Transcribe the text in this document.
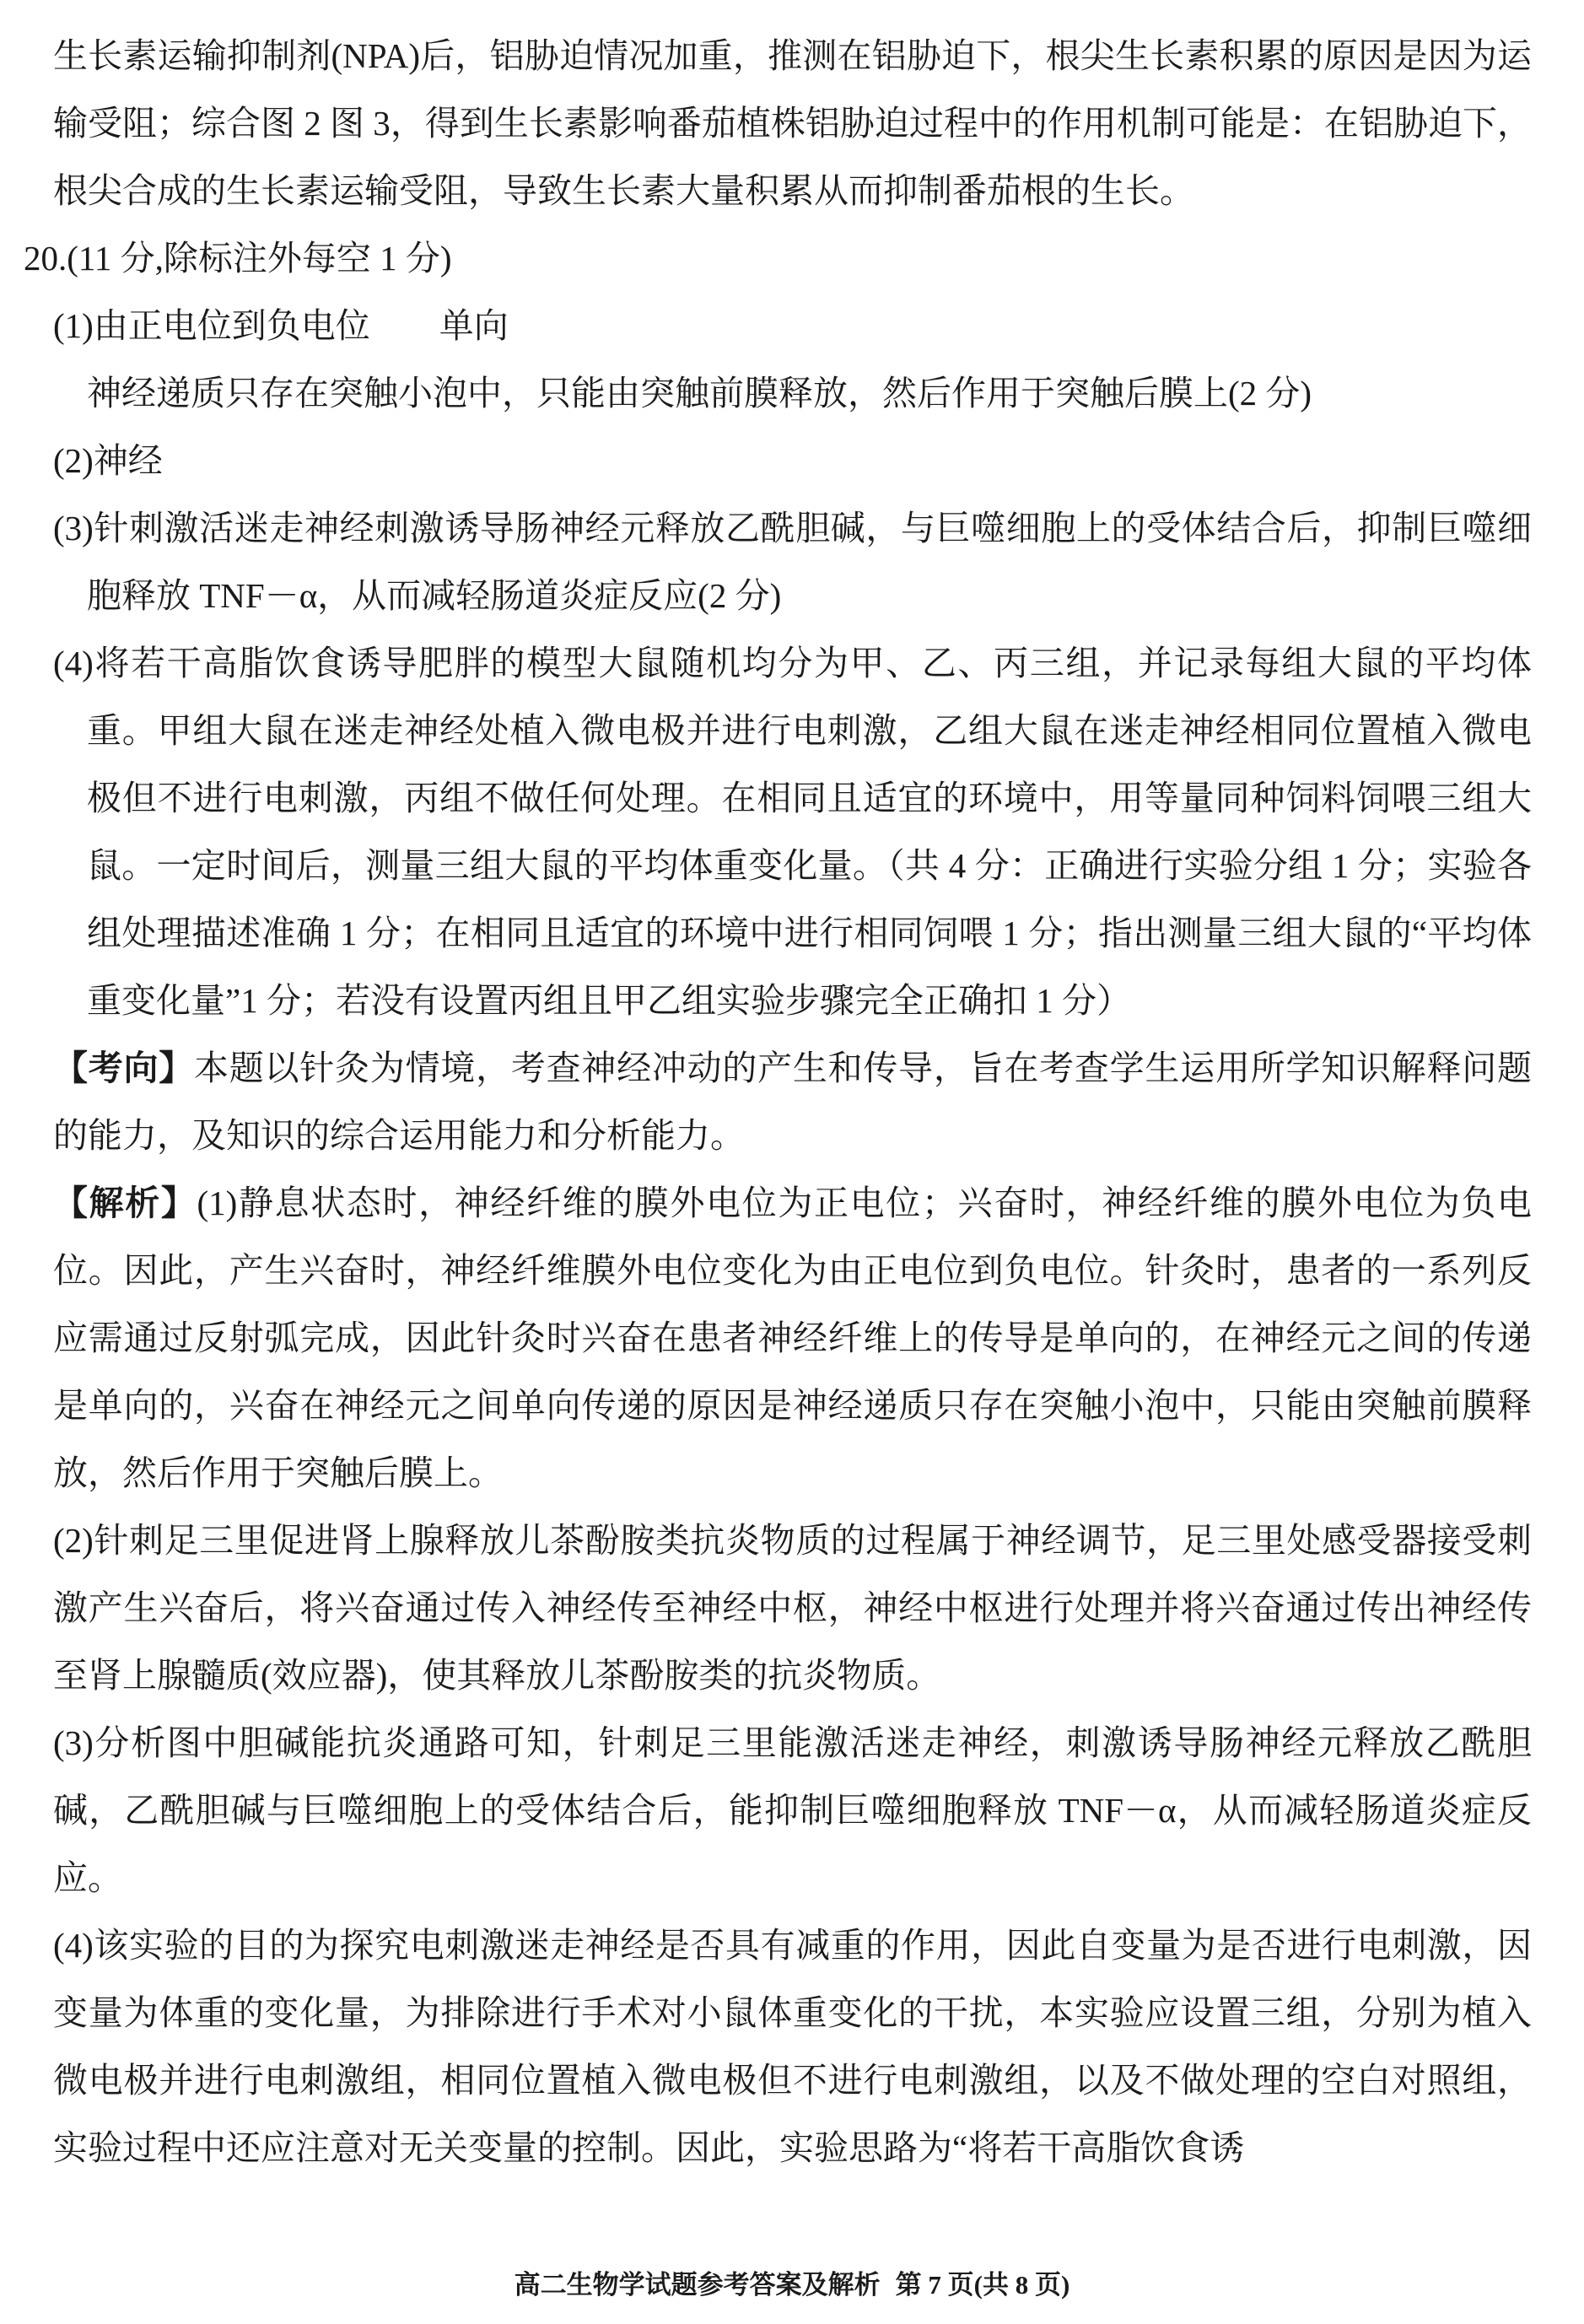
生长素运输抑制剂(NPA)后，铝胁迫情况加重，推测在铝胁迫下，根尖生长素积累的原因是因为运输受阻；综合图 2 图 3，得到生长素影响番茄植株铝胁迫过程中的作用机制可能是：在铝胁迫下，根尖合成的生长素运输受阻，导致生长素大量积累从而抑制番茄根的生长。

20.(11 分,除标注外每空 1 分)

(1)由正电位到负电位　　单向

神经递质只存在突触小泡中，只能由突触前膜释放，然后作用于突触后膜上(2 分)

(2)神经

(3)针刺激活迷走神经刺激诱导肠神经元释放乙酰胆碱，与巨噬细胞上的受体结合后，抑制巨噬细胞释放 TNF－α，从而减轻肠道炎症反应(2 分)

(4)将若干高脂饮食诱导肥胖的模型大鼠随机均分为甲、乙、丙三组，并记录每组大鼠的平均体重。甲组大鼠在迷走神经处植入微电极并进行电刺激，乙组大鼠在迷走神经相同位置植入微电极但不进行电刺激，丙组不做任何处理。在相同且适宜的环境中，用等量同种饲料饲喂三组大鼠。一定时间后，测量三组大鼠的平均体重变化量。（共 4 分：正确进行实验分组 1 分；实验各组处理描述准确 1 分；在相同且适宜的环境中进行相同饲喂 1 分；指出测量三组大鼠的“平均体重变化量”1 分；若没有设置丙组且甲乙组实验步骤完全正确扣 1 分）

【考向】本题以针灸为情境，考查神经冲动的产生和传导，旨在考查学生运用所学知识解释问题的能力，及知识的综合运用能力和分析能力。

【解析】(1)静息状态时，神经纤维的膜外电位为正电位；兴奋时，神经纤维的膜外电位为负电位。因此，产生兴奋时，神经纤维膜外电位变化为由正电位到负电位。针灸时，患者的一系列反应需通过反射弧完成，因此针灸时兴奋在患者神经纤维上的传导是单向的，在神经元之间的传递是单向的，兴奋在神经元之间单向传递的原因是神经递质只存在突触小泡中，只能由突触前膜释放，然后作用于突触后膜上。

(2)针刺足三里促进肾上腺释放儿茶酚胺类抗炎物质的过程属于神经调节，足三里处感受器接受刺激产生兴奋后，将兴奋通过传入神经传至神经中枢，神经中枢进行处理并将兴奋通过传出神经传至肾上腺髓质(效应器)，使其释放儿茶酚胺类的抗炎物质。

(3)分析图中胆碱能抗炎通路可知，针刺足三里能激活迷走神经，刺激诱导肠神经元释放乙酰胆碱，乙酰胆碱与巨噬细胞上的受体结合后，能抑制巨噬细胞释放 TNF－α，从而减轻肠道炎症反应。

(4)该实验的目的为探究电刺激迷走神经是否具有减重的作用，因此自变量为是否进行电刺激，因变量为体重的变化量，为排除进行手术对小鼠体重变化的干扰，本实验应设置三组，分别为植入微电极并进行电刺激组，相同位置植入微电极但不进行电刺激组，以及不做处理的空白对照组，实验过程中还应注意对无关变量的控制。因此，实验思路为“将若干高脂饮食诱

高二生物学试题参考答案及解析 第 7 页(共 8 页)
